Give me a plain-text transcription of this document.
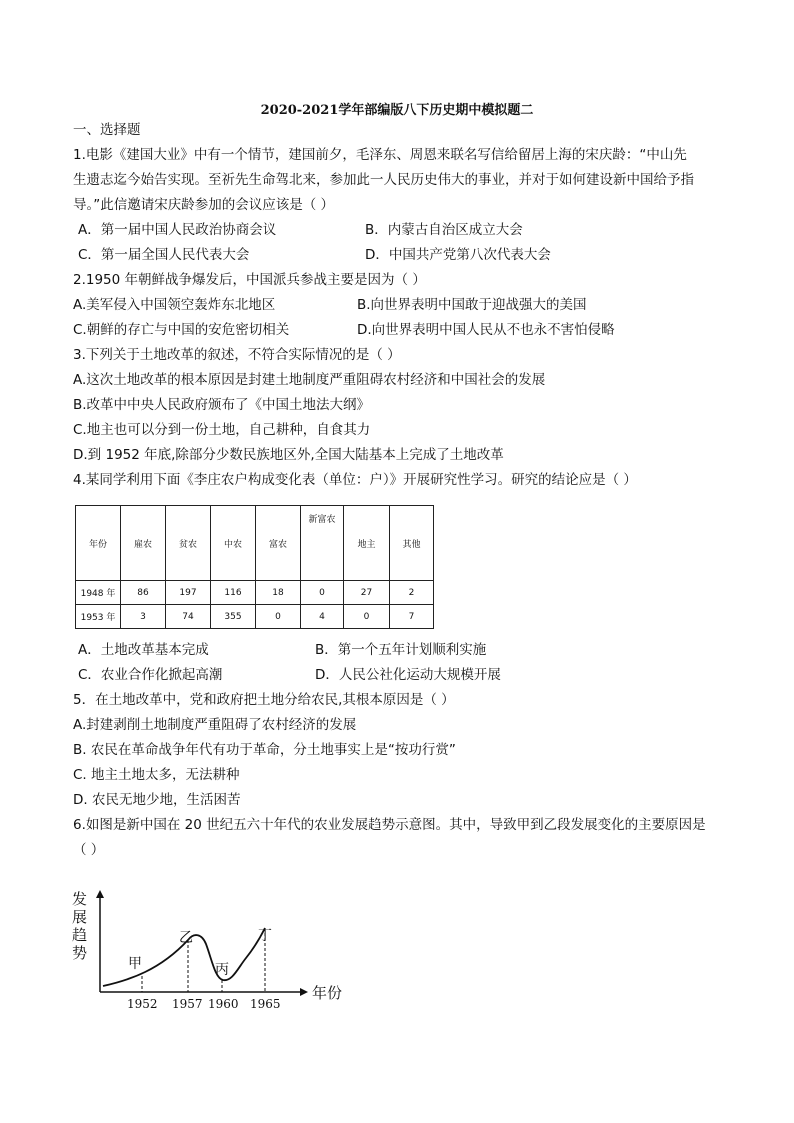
2020-2021学年部编版八下历史期中模拟题二
一、选择题
1.电影《建国大业》中有一个情节，建国前夕，毛泽东、周恩来联名写信给留居上海的宋庆龄：“中山先
生遗志迄今始告实现。至祈先生命驾北来，参加此一人民历史伟大的事业，并对于如何建设新中国给予指
导。”此信邀请宋庆龄参加的会议应该是（ ）
A．第一届中国人民政治协商会议	B．内蒙古自治区成立大会
C．第一届全国人民代表大会	D．中国共产党第八次代表大会
2.1950 年朝鲜战争爆发后，中国派兵参战主要是因为（ ）
A.美军侵入中国领空轰炸东北地区	B.向世界表明中国敢于迎战强大的美国
C.朝鲜的存亡与中国的安危密切相关	D.向世界表明中国人民从不也永不害怕侵略
3.下列关于土地改革的叙述，不符合实际情况的是（ ）
A.这次土地改革的根本原因是封建土地制度严重阻碍农村经济和中国社会的发展
B.改革中中央人民政府颁布了《中国土地法大纲》
C.地主也可以分到一份土地，自己耕种，自食其力
D.到 1952 年底,除部分少数民族地区外,全国大陆基本上完成了土地改革
4.某同学利用下面《李庄农户构成变化表（单位：户）》开展研究性学习。研究的结论应是（ ）
年份	雇农	贫农	中农	富农	新富农	地主	其他
1948 年	86	197	116	18	0	27	2
1953 年	3	74	355	0	4	0	7
A．土地改革基本完成	B．第一个五年计划顺利实施
C．农业合作化掀起高潮	D．人民公社化运动大规模开展
5．在土地改革中，党和政府把土地分给农民,其根本原因是（ ）
A.封建剥削土地制度严重阻碍了农村经济的发展
B. 农民在革命战争年代有功于革命，分土地事实上是“按功行赏”
C. 地主土地太多，无法耕种
D. 农民无地少地，生活困苦
6.如图是新中国在 20 世纪五六十年代的农业发展趋势示意图。其中，导致甲到乙段发展变化的主要原因是
（ ）
发
展
趋
势
年份
甲
乙
丙
丁
1952 1957 1960 1965
